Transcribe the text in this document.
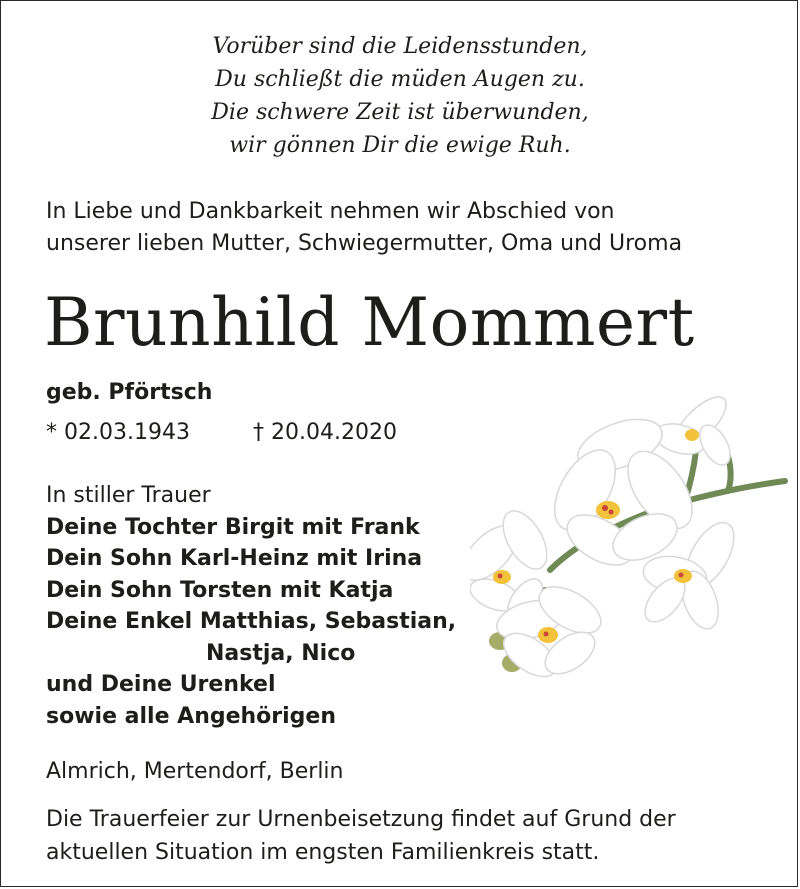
Vorüber sind die Leidensstunden,
Du schließt die müden Augen zu.
Die schwere Zeit ist überwunden,
wir gönnen Dir die ewige Ruh.
In Liebe und Dankbarkeit nehmen wir Abschied von
unserer lieben Mutter, Schwiegermutter, Oma und Uroma
Brunhild Mommert
geb. Pförtsch
* 02.03.1943	† 20.04.2020
In stiller Trauer
Deine Tochter Birgit mit Frank
Dein Sohn Karl-Heinz mit Irina
Dein Sohn Torsten mit Katja
Deine Enkel Matthias, Sebastian,
Nastja, Nico
und Deine Urenkel
sowie alle Angehörigen
Almrich, Mertendorf, Berlin
Die Trauerfeier zur Urnenbeisetzung findet auf Grund der
aktuellen Situation im engsten Familienkreis statt.
